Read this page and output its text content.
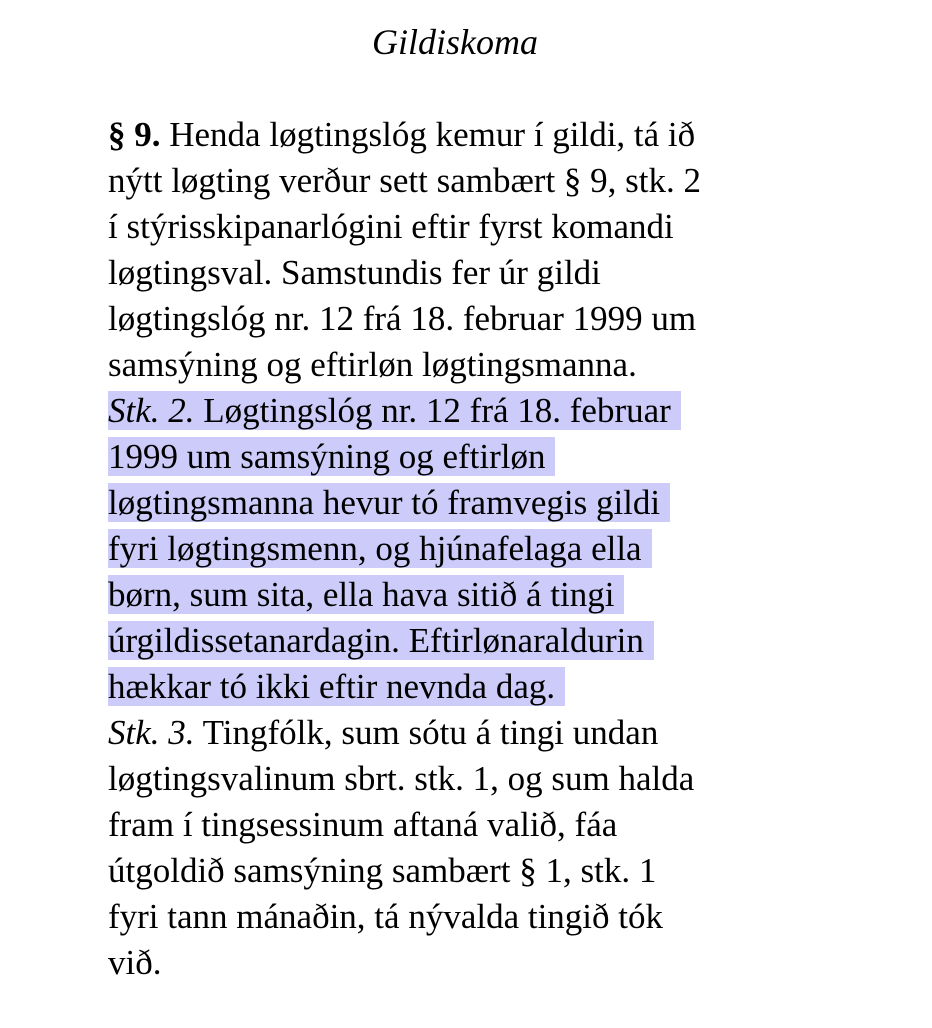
Gildiskoma
§ 9. Henda løgtingslóg kemur í gildi, tá ið
nýtt løgting verður sett sambært § 9, stk. 2
í stýrisskipanarlógini eftir fyrst komandi
løgtingsval. Samstundis fer úr gildi
løgtingslóg nr. 12 frá 18. februar 1999 um
samsýning og eftirløn løgtingsmanna.
Stk. 2. Løgtingslóg nr. 12 frá 18. februar
1999 um samsýning og eftirløn
løgtingsmanna hevur tó framvegis gildi
fyri løgtingsmenn, og hjúnafelaga ella
børn, sum sita, ella hava sitið á tingi
úrgildissetanardagin. Eftirlønaraldurin
hækkar tó ikki eftir nevnda dag.
Stk. 3. Tingfólk, sum sótu á tingi undan
løgtingsvalinum sbrt. stk. 1, og sum halda
fram í tingsessinum aftaná valið, fáa
útgoldið samsýning sambært § 1, stk. 1
fyri tann mánaðin, tá nývalda tingið tók
við.
